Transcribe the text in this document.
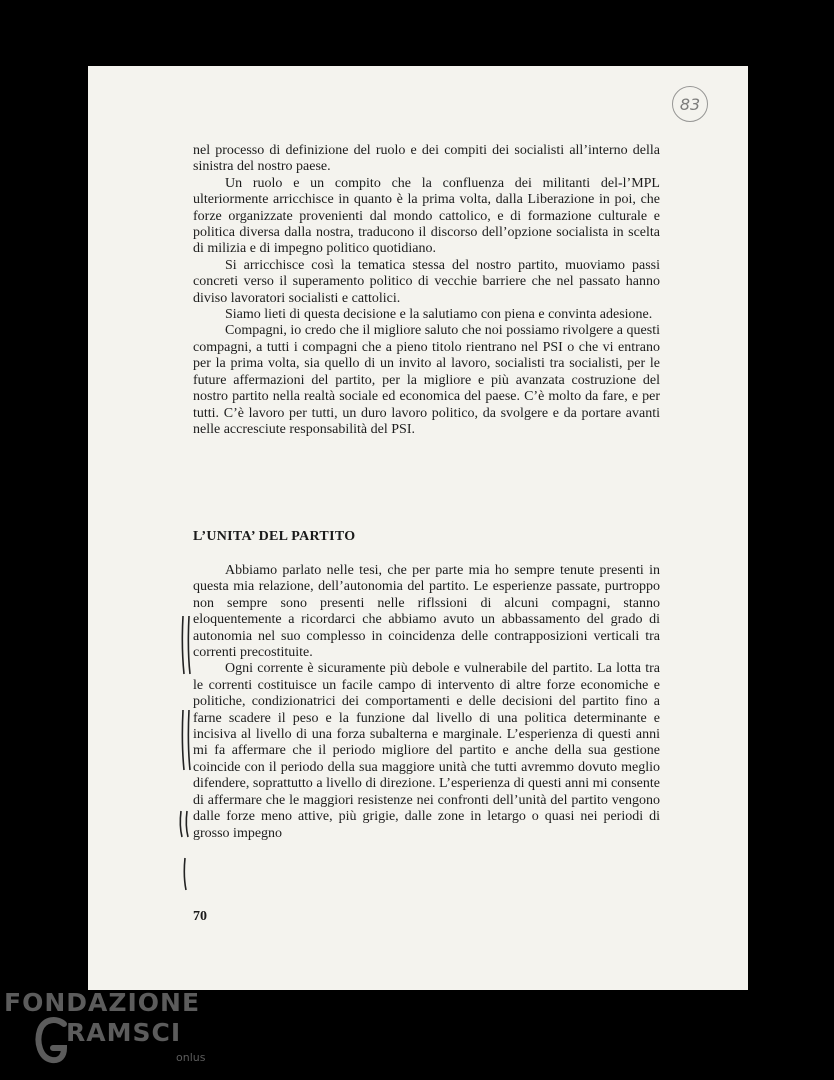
83

nel processo di definizione del ruolo e dei compiti dei socialisti all’interno della sinistra del nostro paese.

Un ruolo e un compito che la confluenza dei militanti del-l’MPL ulteriormente arricchisce in quanto è la prima volta, dalla Liberazione in poi, che forze organizzate provenienti dal mondo cattolico, e di formazione culturale e politica diversa dalla nostra, traducono il discorso dell’opzione socialista in scelta di milizia e di impegno politico quotidiano.

Si arricchisce così la tematica stessa del nostro partito, muoviamo passi concreti verso il superamento politico di vecchie barriere che nel passato hanno diviso lavoratori socialisti e cattolici.

Siamo lieti di questa decisione e la salutiamo con piena e convinta adesione.

Compagni, io credo che il migliore saluto che noi possiamo rivolgere a questi compagni, a tutti i compagni che a pieno titolo rientrano nel PSI o che vi entrano per la prima volta, sia quello di un invito al lavoro, socialisti tra socialisti, per le future affermazioni del partito, per la migliore e più avanzata costruzione del nostro partito nella realtà sociale ed economica del paese. C’è molto da fare, e per tutti. C’è lavoro per tutti, un duro lavoro politico, da svolgere e da portare avanti nelle accresciute responsabilità del PSI.

L’UNITA’ DEL PARTITO

Abbiamo parlato nelle tesi, che per parte mia ho sempre tenute presenti in questa mia relazione, dell’autonomia del partito. Le esperienze passate, purtroppo non sempre sono presenti nelle riflssioni di alcuni compagni, stanno eloquentemente a ricordarci che abbiamo avuto un abbassamento del grado di autonomia nel suo complesso in coincidenza delle contrapposizioni verticali tra correnti precostituite.

Ogni corrente è sicuramente più debole e vulnerabile del partito. La lotta tra le correnti costituisce un facile campo di intervento di altre forze economiche e politiche, condizionatrici dei comportamenti e delle decisioni del partito fino a farne scadere il peso e la funzione dal livello di una politica determinante e incisiva al livello di una forza subalterna e marginale. L’esperienza di questi anni mi fa affermare che il periodo migliore del partito e anche della sua gestione coincide con il periodo della sua maggiore unità che tutti avremmo dovuto meglio difendere, soprattutto a livello di direzione. L’esperienza di questi anni mi consente di affermare che le maggiori resistenze nei confronti dell’unità del partito vengono dalle forze meno attive, più grigie, dalle zone in letargo o quasi nei periodi di grosso impegno

70
FONDAZIONE
RAMSCI
onlus
